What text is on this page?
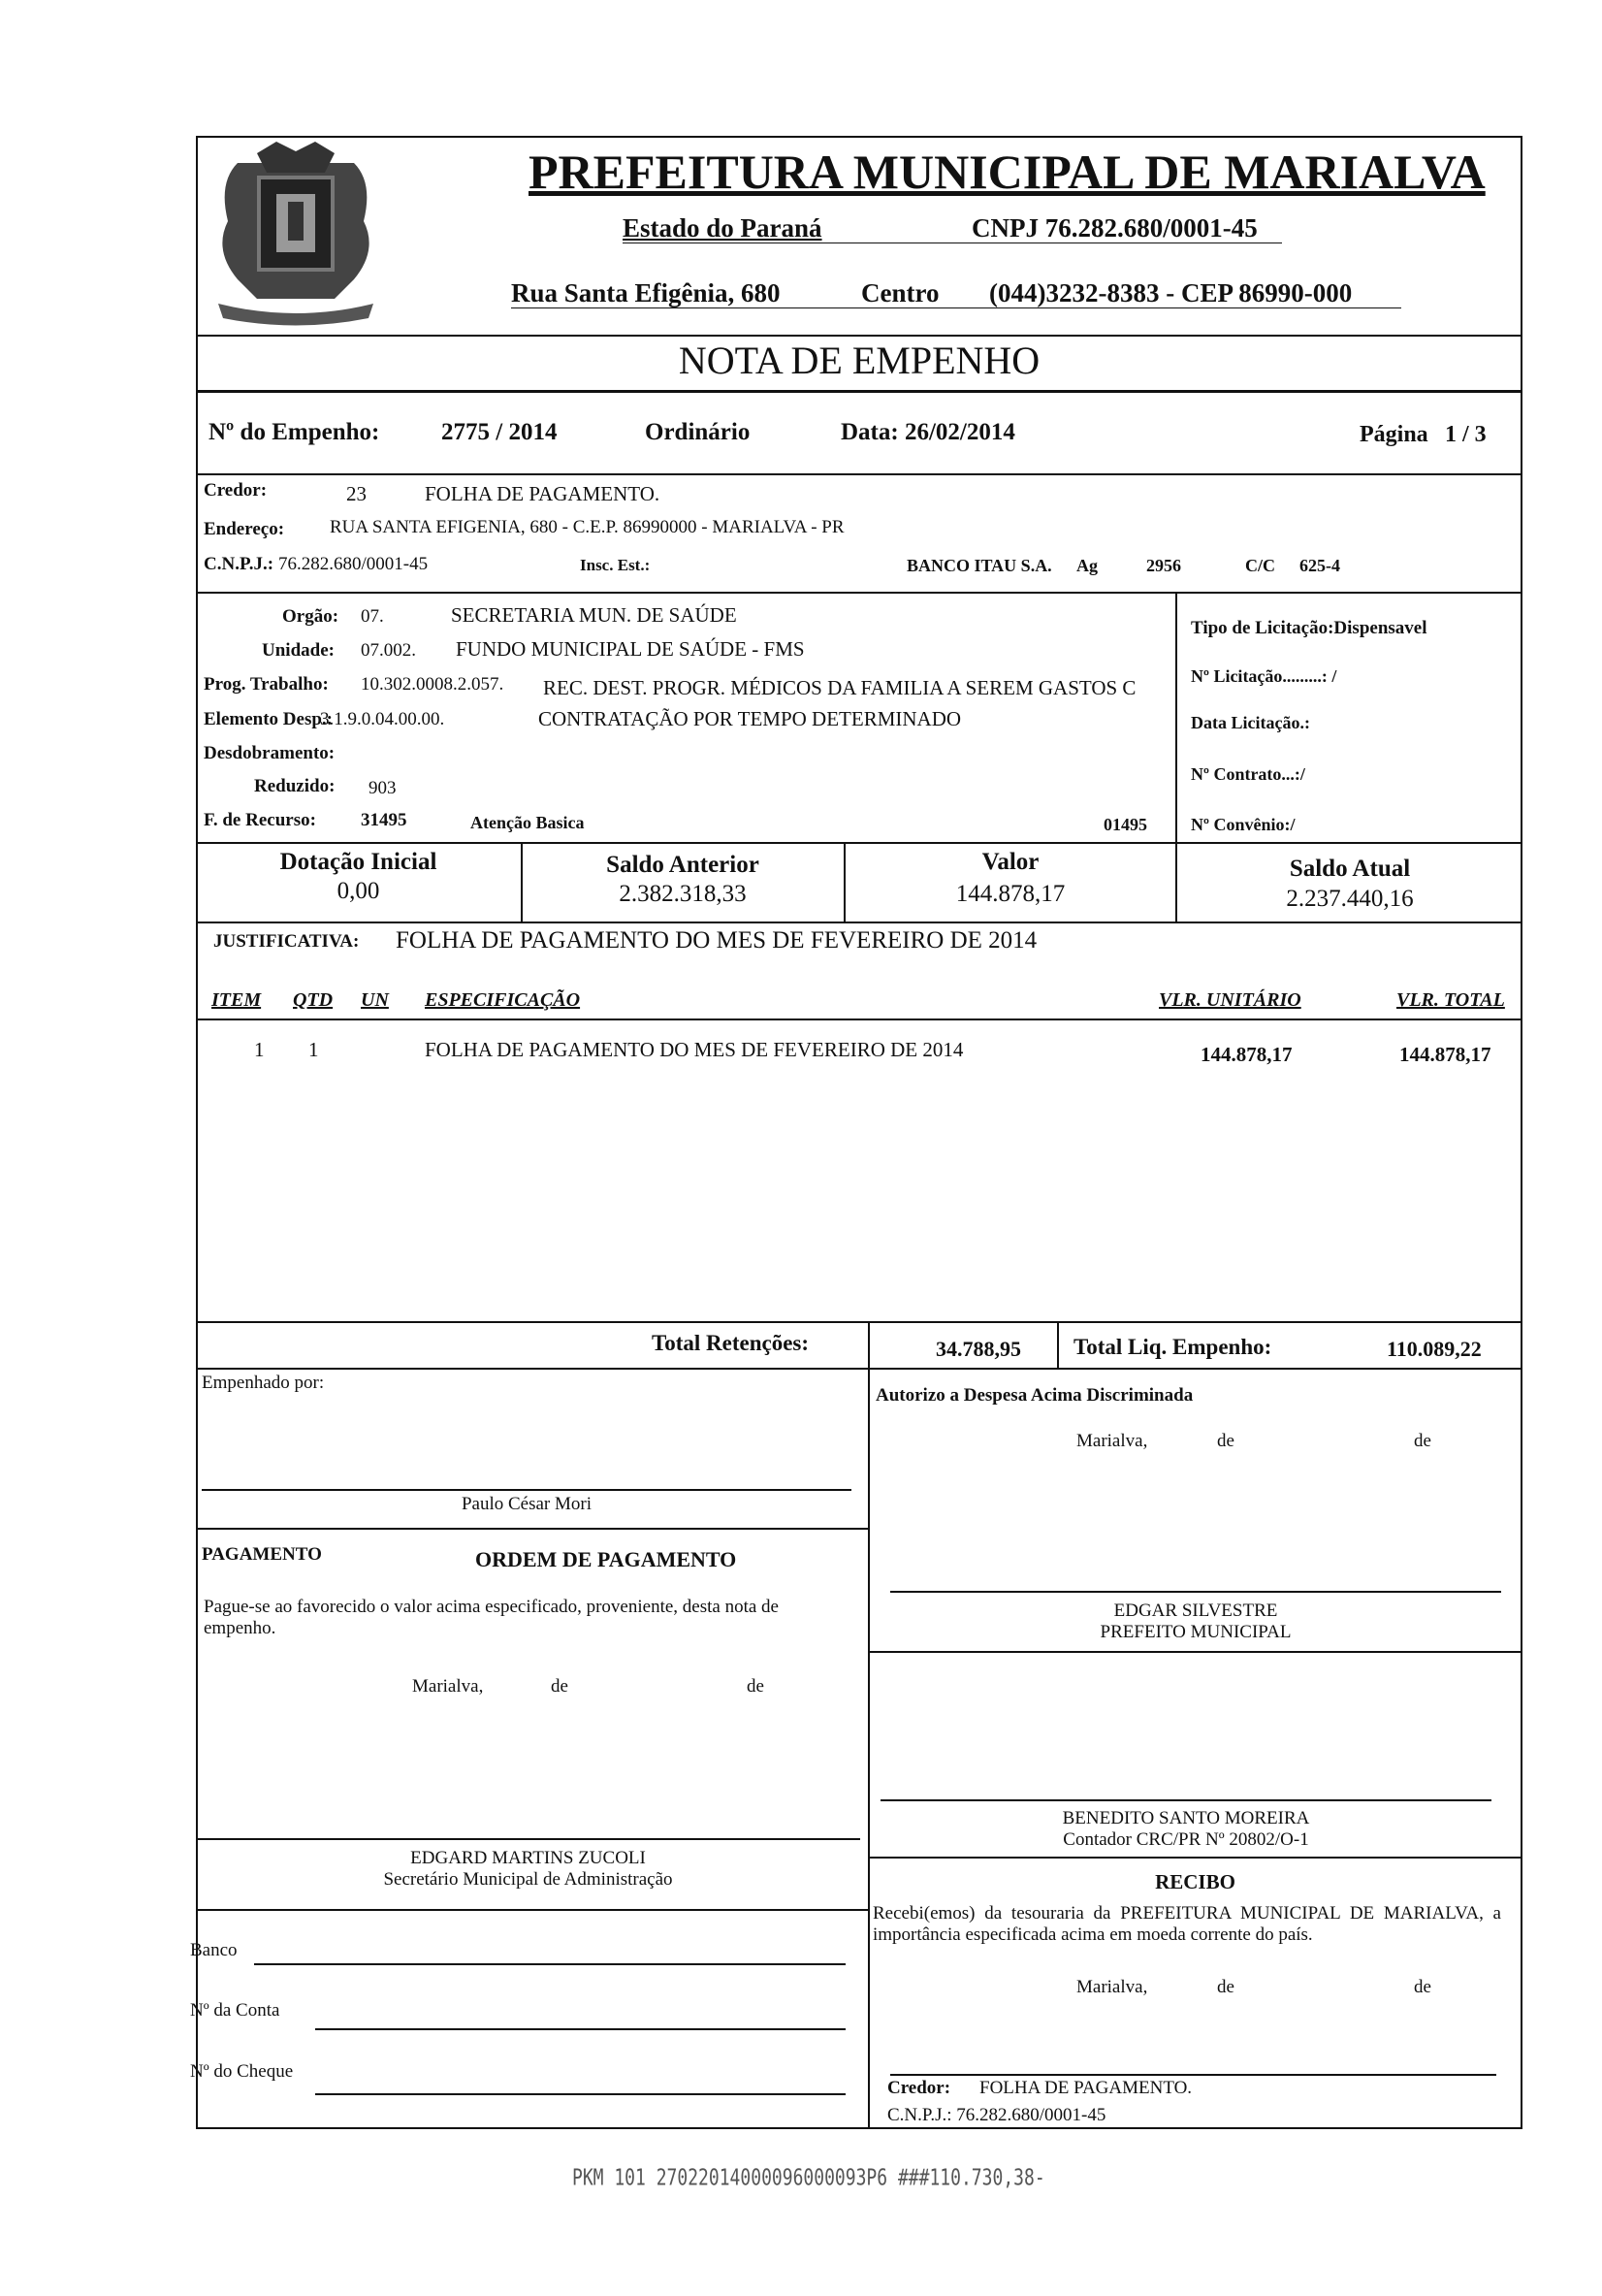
PREFEITURA MUNICIPAL DE MARIALVA
Estado do Paraná	CNPJ 76.282.680/0001-45
Rua Santa Efigênia, 680	Centro (044)3232-8383 - CEP 86990-000
NOTA DE EMPENHO
Nº do Empenho:	2775 / 2014	Ordinário	Data: 26/02/2014	Página 1 / 3
Credor:	23	FOLHA DE PAGAMENTO.
Endereço: RUA SANTA EFIGENIA, 680 - C.E.P. 86990000 - MARIALVA - PR
C.N.P.J.: 76.282.680/0001-45	Insc. Est.:	BANCO ITAU S.A. Ag	2956	C/C 625-4
Orgão: 07.	SECRETARIA MUN. DE SAÚDE
Unidade: 07.002. FUNDO MUNICIPAL DE SAÚDE - FMS
Prog. Trabalho: 10.302.0008.2.057. REC. DEST. PROGR. MÉDICOS DA FAMILIA A SEREM GASTOS C
Elemento Desp.:
3.1.9.0.04.00.00.	CONTRATAÇÃO POR TEMPO DETERMINADO
Desdobramento:
Reduzido: 903
F. de Recurso: 31495	Atenção Basica	01495
Tipo de Licitação:Dispensavel
Nº Licitação.........: /
Data Licitação.:
Nº Contrato...:/
Nº Convênio:/
Dotação Inicial
0,00
Saldo Anterior
2.382.318,33
Valor
144.878,17
Saldo Atual
2.237.440,16
JUSTIFICATIVA: FOLHA DE PAGAMENTO DO MES DE FEVEREIRO DE 2014
ITEM QTD UN ESPECIFICAÇÃO	VLR. UNITÁRIO	VLR. TOTAL
1 1	FOLHA DE PAGAMENTO DO MES DE FEVEREIRO DE 2014	144.878,17	144.878,17
Total Retenções:	34.788,95 Total Liq. Empenho:	110.089,22
Empenhado por:
Paulo César Mori
Autorizo a Despesa Acima Discriminada
Marialva,	de	de
PAGAMENTO	ORDEM DE PAGAMENTO
Pague-se ao favorecido o valor acima especificado, proveniente, desta nota de empenho.
Marialva,	de	de
EDGAR SILVESTRE
PREFEITO MUNICIPAL
BENEDITO SANTO MOREIRA
Contador CRC/PR Nº 20802/O-1
EDGARD MARTINS ZUCOLI
Secretário Municipal de Administração	RECIBO
Recebi(emos) da tesouraria da PREFEITURA MUNICIPAL DE MARIALVA, a importância especificada acima em moeda corrente do país.
Marialva,	de	de
Banco
Nº da Conta
Nº do Cheque
Credor: FOLHA DE PAGAMENTO.
C.N.P.J.: 76.282.680/0001-45
PKM 101 27022014000096000093P6 ###110.730,38-
